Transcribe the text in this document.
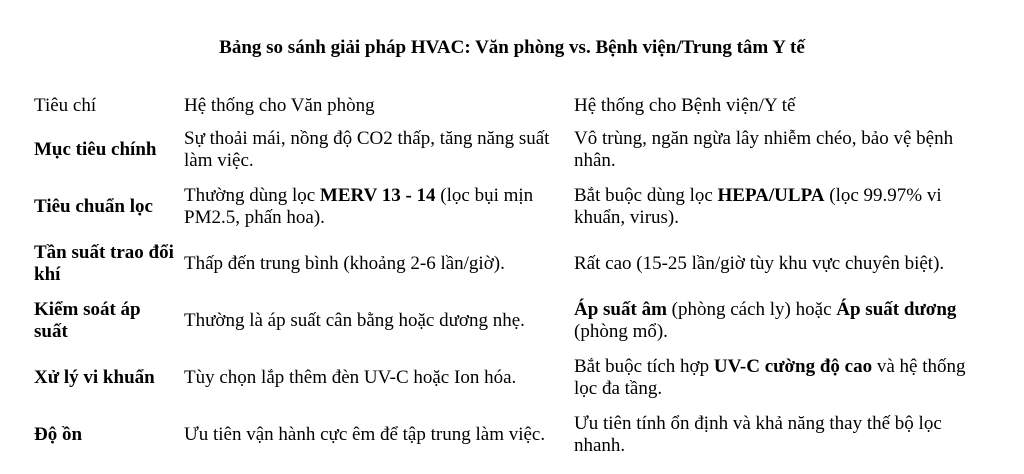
Bảng so sánh giải pháp HVAC: Văn phòng vs. Bệnh viện/Trung tâm Y tế
Tiêu chí	Hệ thống cho Văn phòng	Hệ thống cho Bệnh viện/Y tế
Mục tiêu chính	Sự thoải mái, nồng độ CO2 thấp, tăng năng suất làm việc.	Vô trùng, ngăn ngừa lây nhiễm chéo, bảo vệ bệnh nhân.
Tiêu chuẩn lọc	Thường dùng lọc MERV 13 - 14 (lọc bụi mịn PM2.5, phấn hoa).	Bắt buộc dùng lọc HEPA/ULPA (lọc 99.97% vi khuẩn, virus).
Tần suất trao đổi khí	Thấp đến trung bình (khoảng 2-6 lần/giờ).	Rất cao (15-25 lần/giờ tùy khu vực chuyên biệt).
Kiểm soát áp suất	Thường là áp suất cân bằng hoặc dương nhẹ.	Áp suất âm (phòng cách ly) hoặc Áp suất dương (phòng mổ).
Xử lý vi khuẩn	Tùy chọn lắp thêm đèn UV-C hoặc Ion hóa.	Bắt buộc tích hợp UV-C cường độ cao và hệ thống lọc đa tầng.
Độ ồn	Ưu tiên vận hành cực êm để tập trung làm việc.	Ưu tiên tính ổn định và khả năng thay thế bộ lọc nhanh.
